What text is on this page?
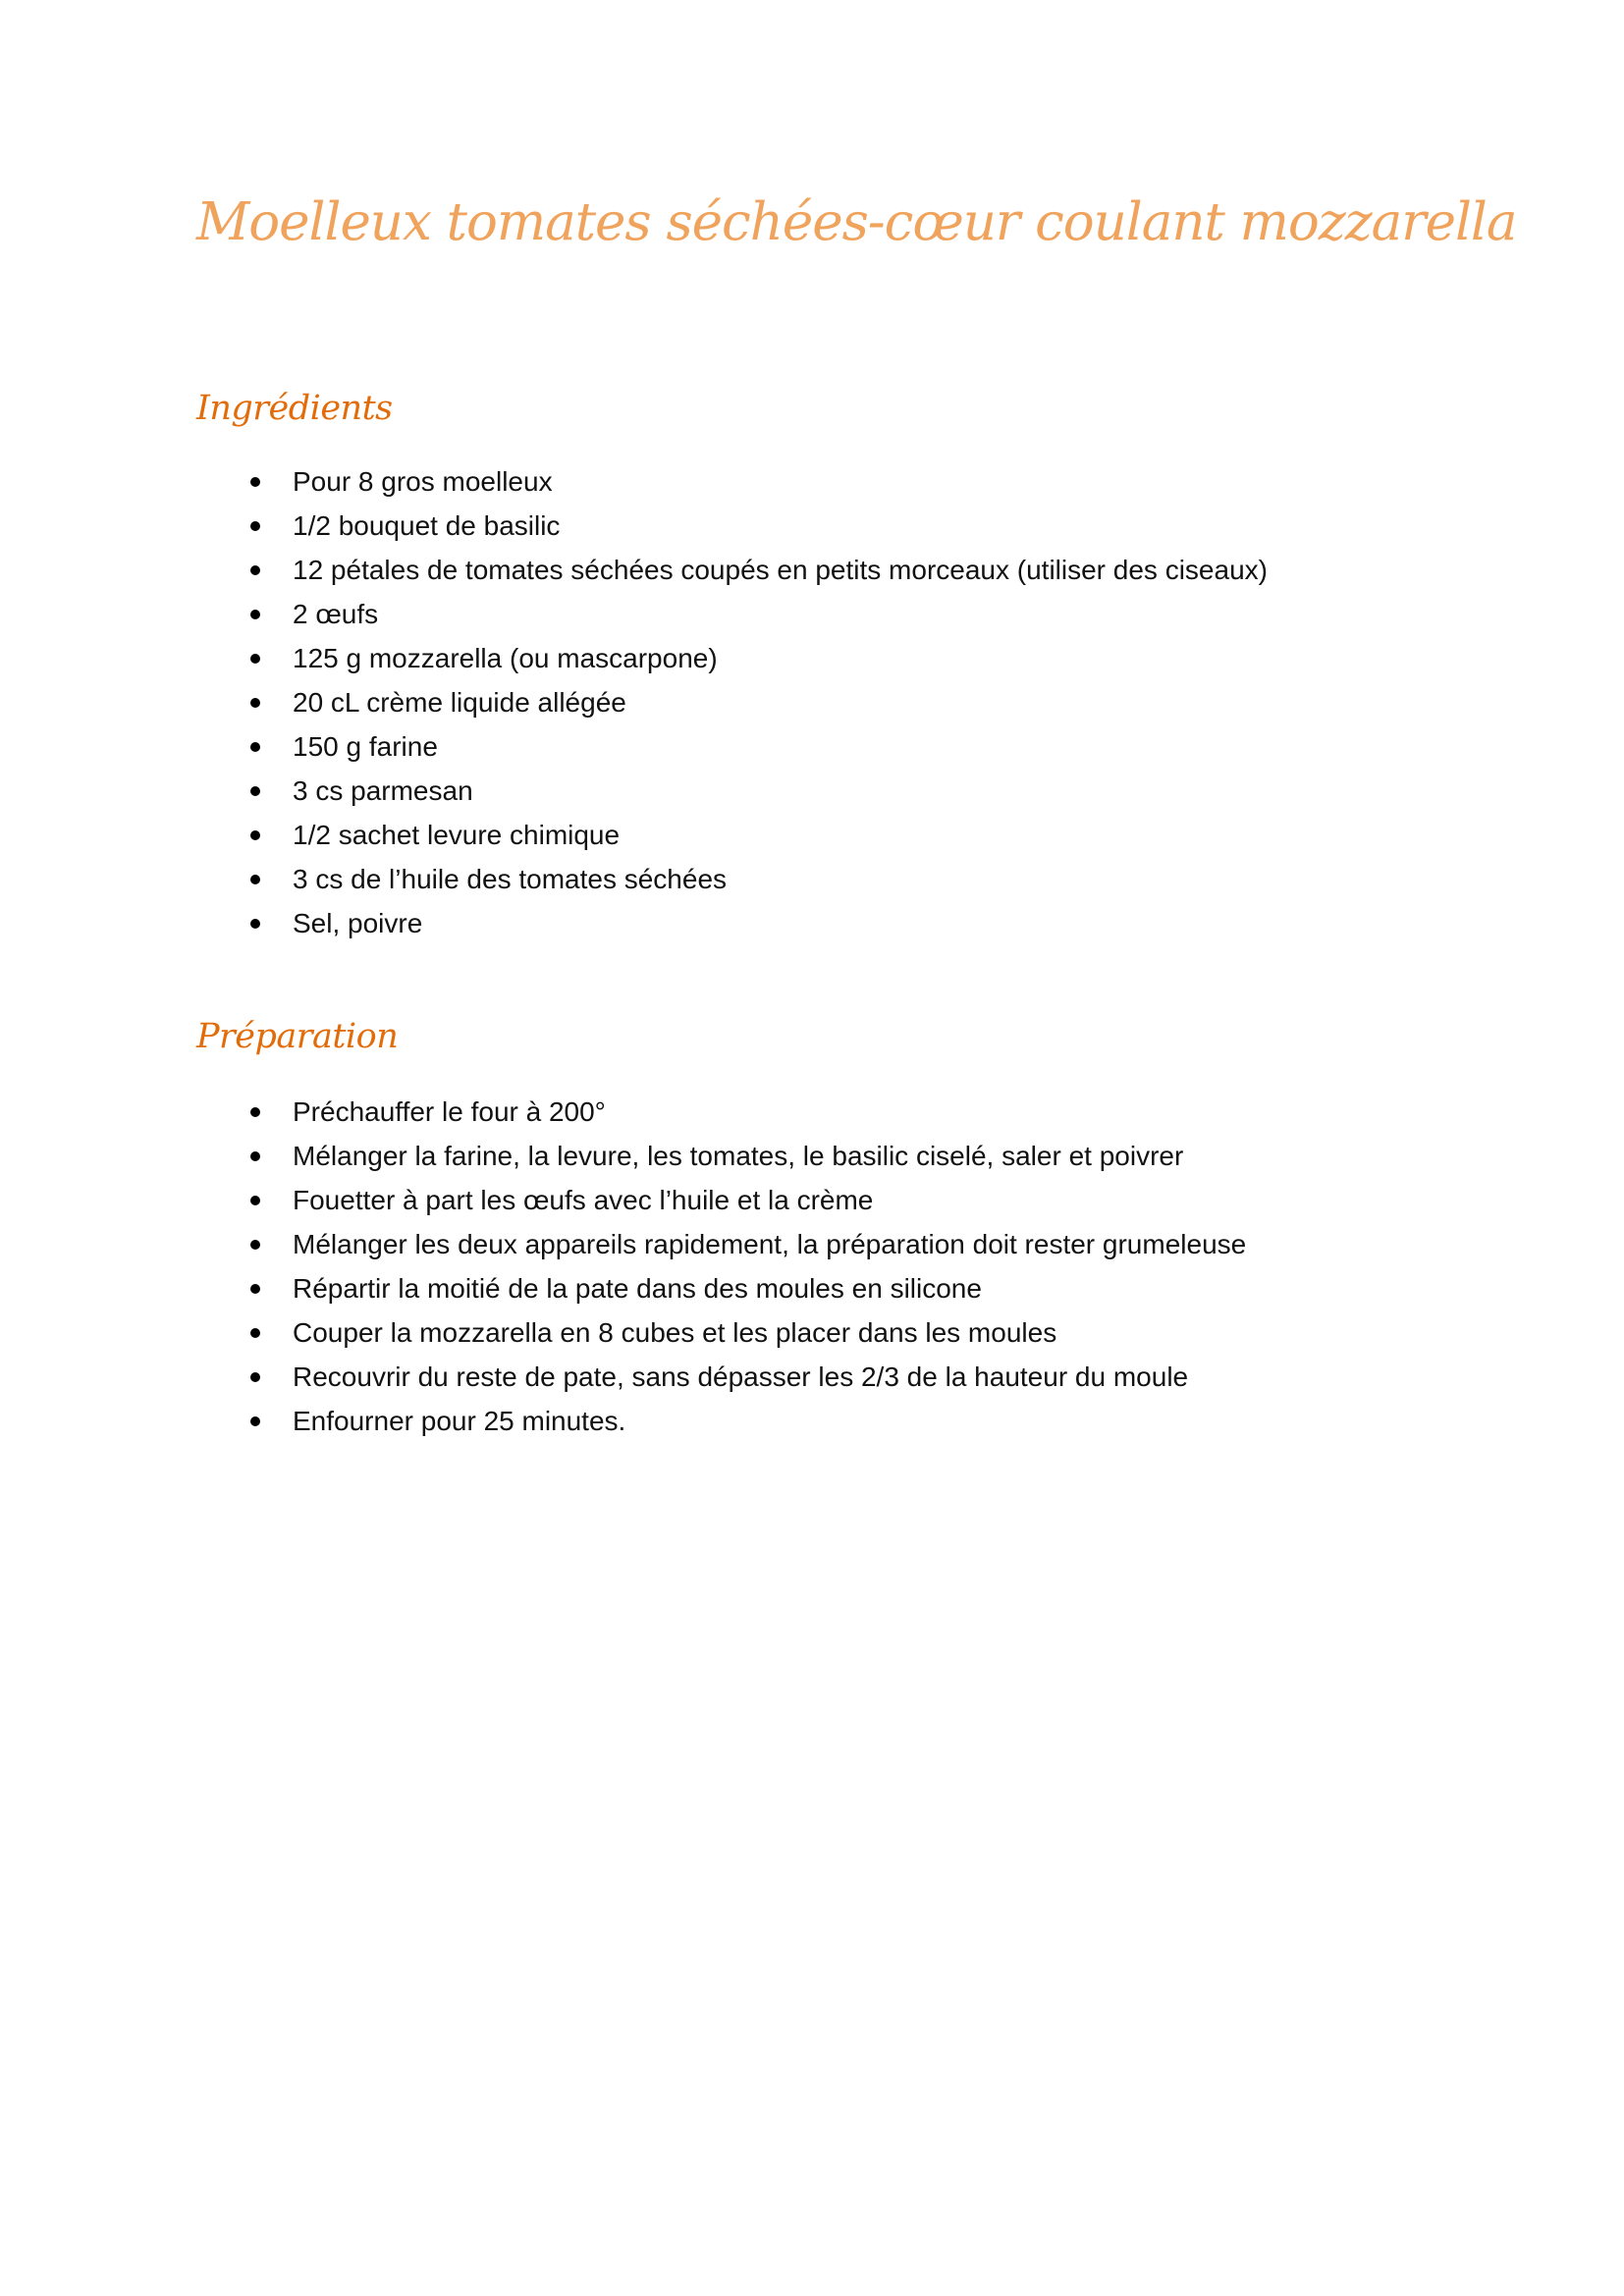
Moelleux tomates séchées-cœur coulant mozzarella
Ingrédients
Pour 8 gros moelleux
1/2 bouquet de basilic
12 pétales de tomates séchées coupés en petits morceaux (utiliser des ciseaux)
2 œufs
125 g mozzarella (ou mascarpone)
20 cL crème liquide allégée
150 g farine
3 cs parmesan
1/2 sachet levure chimique
3 cs de l’huile des tomates séchées
Sel, poivre
Préparation
Préchauffer le four à 200°
Mélanger la farine, la levure, les tomates, le basilic ciselé, saler et poivrer
Fouetter à part les œufs avec l’huile et la crème
Mélanger les deux appareils rapidement, la préparation doit rester grumeleuse
Répartir la moitié de la pate dans des moules en silicone
Couper la mozzarella en 8 cubes et les placer dans les moules
Recouvrir du reste de pate, sans dépasser les 2/3 de la hauteur du moule
Enfourner pour 25 minutes.
